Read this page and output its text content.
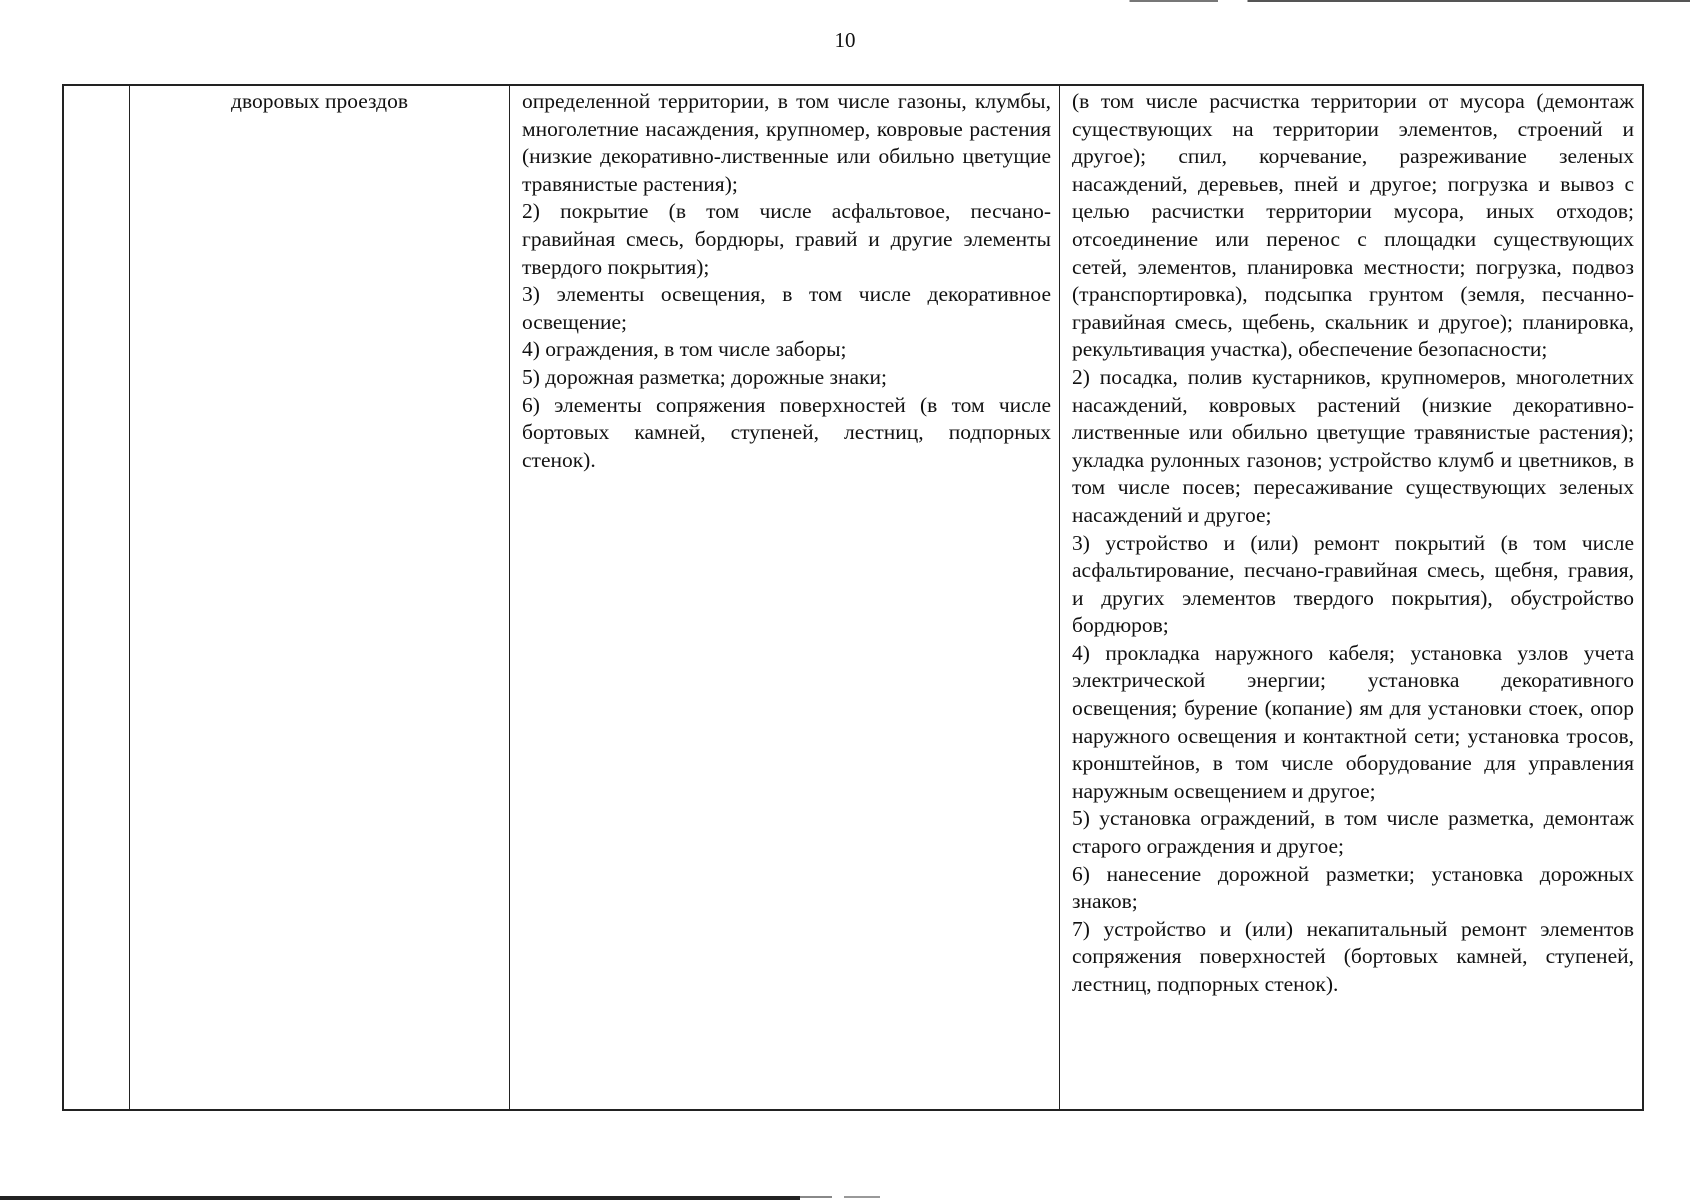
10
дворовых проездов	определенной территории, в том числе газоны, клумбы, многолетние насаждения, крупномер, ковровые растения (низкие декоративно-лиственные или обильно цветущие травянистые растения);

2) покрытие (в том числе асфальтовое, песчано-гравийная смесь, бордюры, гравий и другие элементы твердого покрытия);

3) элементы освещения, в том числе декоративное освещение;

4) ограждения, в том числе заборы;

5) дорожная разметка; дорожные знаки;

6) элементы сопряжения поверхностей (в том числе бортовых камней, ступеней, лестниц, подпорных стенок).

(в том числе расчистка территории от мусора (демонтаж существующих на территории элементов, строений и другое); спил, корчевание, разреживание зеленых насаждений, деревьев, пней и другое; погрузка и вывоз с целью расчистки территории мусора, иных отходов; отсоединение или перенос с площадки существующих сетей, элементов, планировка местности; погрузка, подвоз (транспортировка), подсыпка грунтом (земля, песчанно-гравийная смесь, щебень, скальник и другое); планировка, рекультивация участка), обеспечение безопасности;

2) посадка, полив кустарников, крупномеров, многолетних насаждений, ковровых растений (низкие декоративно-лиственные или обильно цветущие травянистые растения); укладка рулонных газонов; устройство клумб и цветников, в том числе посев; пересаживание существующих зеленых насаждений и другое;

3) устройство и (или) ремонт покрытий (в том числе асфальтирование, песчано-гравийная смесь, щебня, гравия, и других элементов твердого покрытия), обустройство бордюров;

4) прокладка наружного кабеля; установка узлов учета электрической энергии; установка декоративного освещения; бурение (копание) ям для установки стоек, опор наружного освещения и контактной сети; установка тросов, кронштейнов, в том числе оборудование для управления наружным освещением и другое;

5) установка ограждений, в том числе разметка, демонтаж старого ограждения и другое;

6) нанесение дорожной разметки; установка дорожных знаков;

7) устройство и (или) некапитальный ремонт элементов сопряжения поверхностей (бортовых камней, ступеней, лестниц, подпорных стенок).
